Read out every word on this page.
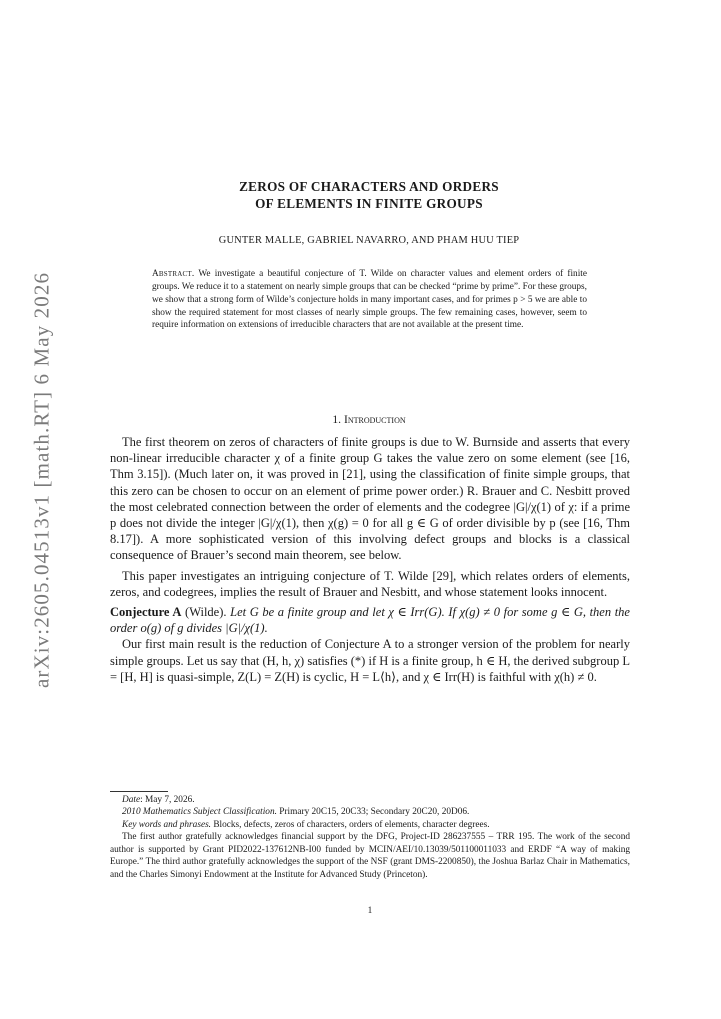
arXiv:2605.04513v1 [math.RT] 6 May 2026
ZEROS OF CHARACTERS AND ORDERS
OF ELEMENTS IN FINITE GROUPS
GUNTER MALLE, GABRIEL NAVARRO, AND PHAM HUU TIEP
Abstract. We investigate a beautiful conjecture of T. Wilde on character values and element orders of finite groups. We reduce it to a statement on nearly simple groups that can be checked “prime by prime”. For these groups, we show that a strong form of Wilde’s conjecture holds in many important cases, and for primes p > 5 we are able to show the required statement for most classes of nearly simple groups. The few remaining cases, however, seem to require information on extensions of irreducible characters that are not available at the present time.
1. Introduction

The first theorem on zeros of characters of finite groups is due to W. Burnside and asserts that every non-linear irreducible character χ of a finite group G takes the value zero on some element (see [16, Thm 3.15]). (Much later on, it was proved in [21], using the classification of finite simple groups, that this zero can be chosen to occur on an element of prime power order.) R. Brauer and C. Nesbitt proved the most celebrated connection between the order of elements and the codegree |G|/χ(1) of χ: if a prime p does not divide the integer |G|/χ(1), then χ(g) = 0 for all g ∈ G of order divisible by p (see [16, Thm 8.17]). A more sophisticated version of this involving defect groups and blocks is a classical consequence of Brauer’s second main theorem, see below.

This paper investigates an intriguing conjecture of T. Wilde [29], which relates orders of elements, zeros, and codegrees, implies the result of Brauer and Nesbitt, and whose statement looks innocent.

Conjecture A (Wilde). Let G be a finite group and let χ ∈ Irr(G). If χ(g) ≠ 0 for some g ∈ G, then the order o(g) of g divides |G|/χ(1).

Our first main result is the reduction of Conjecture A to a stronger version of the problem for nearly simple groups. Let us say that (H, h, χ) satisfies (*) if H is a finite group, h ∈ H, the derived subgroup L = [H, H] is quasi-simple, Z(L) = Z(H) is cyclic, H = L⟨h⟩, and χ ∈ Irr(H) is faithful with χ(h) ≠ 0.

Date: May 7, 2026.

2010 Mathematics Subject Classification. Primary 20C15, 20C33; Secondary 20C20, 20D06.

Key words and phrases. Blocks, defects, zeros of characters, orders of elements, character degrees.

The first author gratefully acknowledges financial support by the DFG, Project-ID 286237555 – TRR 195. The work of the second author is supported by Grant PID2022-137612NB-I00 funded by MCIN/AEI/10.13039/501100011033 and ERDF “A way of making Europe.” The third author gratefully acknowledges the support of the NSF (grant DMS-2200850), the Joshua Barlaz Chair in Mathematics, and the Charles Simonyi Endowment at the Institute for Advanced Study (Princeton).

1
